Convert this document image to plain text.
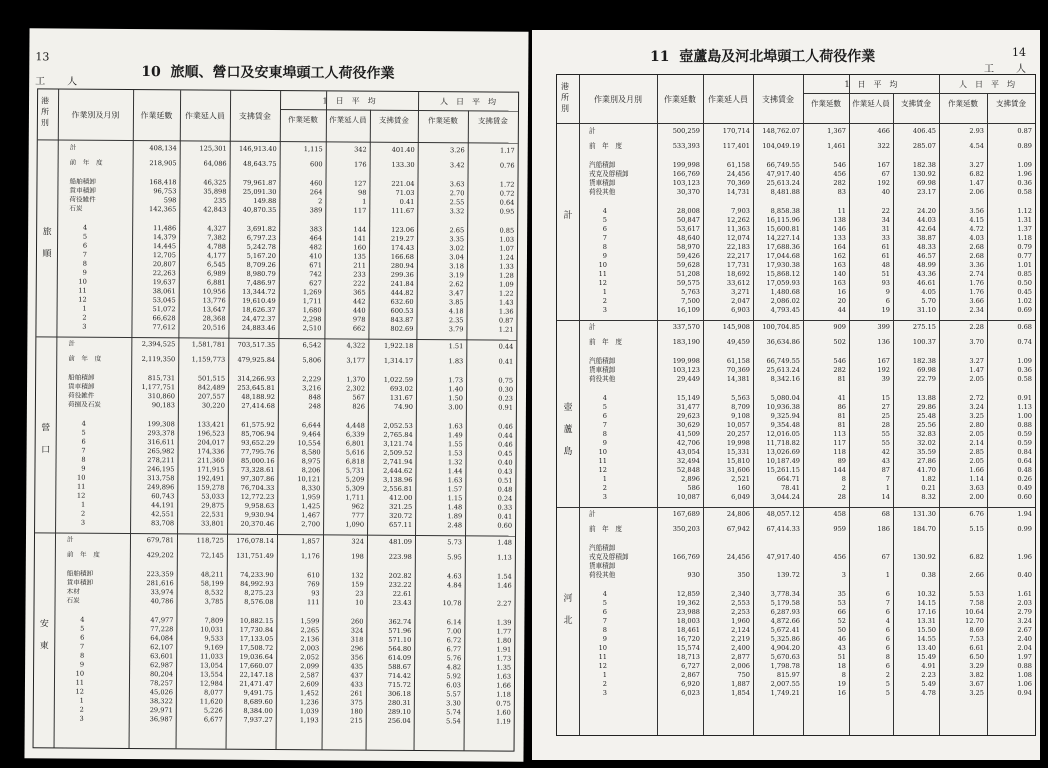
13
工　人
10 旅順、營口及安東埠頭工人荷役作業
港所別
作業別及月別	作業延數	作業延人員	支拂賃金
1　日　平　均	人　日　平　均
作業延數	作業延人員	支拂賃金	作業延數	支拂賃金
計	408,134	125,301 146,913.40	1,115	342	401.40	3.26	1.17
前　年　度	218,905	64,086 48,643.75	600	176	133.30	3.42	0.76
船舶積卸	168,418	46,325 79,961.87	460	127	221.04	3.63	1.72
貨車積卸	96,753	35,898 25,091.30	264	98	71.03	2.70	0.72
荷役雑件	598	235	149.88	2	1	0.41	2.55	0.64
石炭	142,365	42,843 40,870.35	389	117	111.67	3.32	0.95
4	11,486	4,327	3,691.82	383	144	123.06	2.65	0.85
5	14,379	7,382	6,797.23	464	141	219.27	3.35	1.03
6	14,445	4,788	5,242.78	482	160	174.43	3.02	1.07
7	12,705	4,177	5,167.20	410	135	166.68	3.04	1.24
8	20,807	6,545	8,709.26	671	211	280.94	3.18	1.33
9	22,263	6,989	8,980.79	742	233	299.36	3.19	1.28
10	19,637	6,881	7,486.97	627	222	241.84	2.62	1.09
11	38,061	10,956 13,344.72	1,269	365	444.82	3.47	1.22
12	53,045	13,776 19,610.49	1,711	442	632.60	3.85	1.43
1	51,072	13,647 18,626.37	1,680	440	600.53	4.18	1.36
2	66,628	28,368 24,472.37	2,298	978	843.87	2.35	0.87
3	77,612	20,516 24,883.46	2,510	662	802.69	3.79	1.21
旅　順
計	2,394,525 1,581,781 703,517.35	6,542	4,322	1,922.18	1.51	0.44
前　年　度	2,119,350 1,159,773 479,925.84	5,806	3,177	1,314.17	1.83	0.41
船舶積卸	815,731	501,515 314,266.93	2,229	1,370	1,022.59	1.73	0.75
貨車積卸	1,177,751	842,489 253,645.81	3,216	2,302	693.02	1.40	0.30
荷役雑件	310,860	207,557 48,188.92	848	567	131.67	1.50	0.23
荷捌及石炭	90,183	30,220 27,414.68	248	826	74.90	3.00	0.91
4	199,308	133,421 61,575.92	6,644	4,448	2,052.53	1.63	0.46
5	293,378	196,523 85,706.94	9,464	6,339	2,765.84	1.49	0.44
6	316,611	204,017 93,652.29	10,554	6,801	3,121.74	1.55	0.46
7	265,982	174,336 77,795.76	8,580	5,616	2,509.52	1.53	0.45
8	278,211	211,360 85,000.16	8,975	6,818	2,741.94	1.32	0.40
9	246,195	171,915 73,328.61	8,206	5,731	2,444.62	1.44	0.43
10	313,758	192,491 97,307.86	10,121	5,209	3,138.96	1.63	0.51
11	249,896	159,278 76,704.33	8,330	5,309	2,556.81	1.57	0.48
12	60,743	53,033 12,772.23	1,959	1,711	412.00	1.15	0.24
1	44,191	29,875	9,958.63	1,425	962	321.25	1.48	0.33
2	42,551	22,531	9,930.94	1,467	777	320.72	1.89	0.41
3	83,708	33,801 20,370.46	2,700	1,090	657.11	2.48	0.60
營　口
計	679,781	118,725 176,078.14	1,857	324	481.09	5.73	1.48
前　年　度	429,202	72,145 131,751.49	1,176	198	223.98	5.95	1.13
船舶積卸	223,359	48,211 74,233.90	610	132	202.82	4.63	1.54
貨車積卸	281,616	58,199 84,992.93	769	159	232.22	4.84	1.46
木材	33,974	8,532	8,275.23	93	23	22.61
石炭	40,786	3,785	8,576.08	111	10	23.43	10.78	2.27
4	47,977	7,809 10,882.15	1,599	260	362.74	6.14	1.39
5	77,228	10,031 17,730.84	2,265	324	571.96	7.00	1.77
6	64,084	9,533 17,133.05	2,136	318	571.10	6.72	1.80
7	62,107	9,169 17,508.72	2,003	296	564.80	6.77	1.91
8	63,601	11,033 19,036.64	2,052	356	614.09	5.76	1.73
9	62,987	13,054 17,660.07	2,099	435	588.67	4.82	1.35
10	80,204	13,554 22,147.18	2,587	437	714.42	5.92	1.63
11	78,257	12,984 21,471.47	2,609	433	715.72	6.03	1.66
12	45,026	8,077	9,491.75	1,452	261	306.18	5.57	1.18
1	38,322	11,620	8,689.60	1,236	375	280.31	3.30	0.75
2	29,971	5,226	8,384.00	1,039	180	289.10	5.74	1.60
3	36,987	6,677	7,937.27	1,193	215	256.04	5.54	1.19
安　東
14
工　人
11 壺蘆島及河北埠頭工人荷役作業
港所別
作業別及月別	作業延數	作業延人員	支拂賃金
1　日　平　均	人　日　平　均
作業延數	作業延人員	支拂賃金	作業延數	支拂賃金
計	500,259	170,714 148,762.07	1,367	466	406.45	2.93	0.87
前　年　度	533,393	117,401 104,049.19	1,461	322	285.07	4.54	0.89
汽船積卸	199,998	61,158 66,749.55	546	167	182.38	3.27	1.09
戎克及艀積卸	166,769	24,456 47,917.40	456	67	130.92	6.82	1.96
貨車積卸	103,123	70,369 25,613.24	282	192	69.98	1.47	0.36
荷役其他	30,370	14,731	8,481.88	83	40	23.17	2.06	0.58
4	28,008	7,903	8,858.38	11	22	24.20	3.56	1.12
5	50,847	12,262 16,115.96	138	34	44.03	4.15	1.31
6	53,617	11,363 15,600.81	146	31	42.64	4.72	1.37
7	48,640	12,074 14,227.14	133	33	38.87	4.03	1.18
8	58,970	22,183 17,688.36	164	61	48.33	2.68	0.79
9	59,426	22,217 17,044.68	162	61	46.57	2.68	0.77
10	59,628	17,731 17,930.38	163	48	48.99	3.36	1.01
11	51,208	18,692 15,868.12	140	51	43.36	2.74	0.85
12	59,575	33,612 17,059.93	163	93	46.61	1.76	0.50
1	5,763	3,271	1,480.68	16	9	4.05	1.76	0.45
2	7,500	2,047	2,086.02	20	6	5.70	3.66	1.02
3	16,109	6,903	4,793.45	44	19	31.10	2.34	0.69
計
計	337,570	145,908 100,704.85	909	399	275.15	2.28	0.68
前　年　度	183,190	49,459 36,634.86	502	136	100.37	3.70	0.74
汽船積卸	199,998	61,158 66,749.55	546	167	182.38	3.27	1.09
貨車積卸	103,123	70,369 25,613.24	282	192	69.98	1.47	0.36
荷役其他	29,449	14,381	8,342.16	81	39	22.79	2.05	0.58
4	15,149	5,563	5,080.04	41	15	13.88	2.72	0.91
5	31,477	8,709 10,936.38	86	27	29.86	3.24	1.13
6	29,623	9,108	9,325.94	81	25	25.48	3.25	1.00
7	30,629	10,057	9,354.48	81	28	25.56	2.80	0.88
8	41,509	20,257 12,016.05	113	55	32.83	2.05	0.59
9	42,706	19,998 11,718.82	117	55	32.02	2.14	0.59
10	43,054	15,331 13,026.69	118	42	35.59	2.85	0.84
11	32,494	15,810 10,187.49	89	43	27.86	2.05	0.64
12	52,848	31,606 15,261.15	144	87	41.70	1.66	0.48
1	2,896	2,521	664.71	8	7	1.82	1.14	0.26
2	586	160	78.41	2	1	0.21	3.63	0.49
3	10,087	6,049	3,044.24	28	14	8.32	2.00	0.60
壺　蘆　島
計	167,689	24,806 48,057.12	458	68	131.30	6.76	1.94
前　年　度	350,203	67,942 67,414.33	959	186	184.70	5.15	0.99
汽船積卸
戎克及艀積卸	166,769	24,456 47,917.40	456	67	130.92	6.82	1.96
貨車積卸
荷役其他	930	350	139.72	3	1	0.38	2.66	0.40
4	12,859	2,340	3,778.34	35	6	10.32	5.53	1.61
5	19,362	2,553	5,179.58	53	7	14.15	7.58	2.03
6	23,988	2,253	6,287.93	66	6	17.16	10.64	2.79
7	18,003	1,960	4,872.66	52	4	13.31	12.70	3.24
8	18,461	2,124	5,672.41	50	6	15.50	8.69	2.67
9	16,720	2,219	5,325.86	46	6	14.55	7.53	2.40
10	15,574	2,400	4,904.20	43	6	13.40	6.61	2.04
11	18,713	2,877	5,670.63	51	8	15.49	6.50	1.97
12	6,727	2,006	1,798.78	18	6	4.91	3.29	0.88
1	2,867	750	815.97	8	2	2.23	3.82	1.08
2	6,920	1,887	2,007.55	19	5	5.49	3.67	1.06
3	6,023	1,854	1,749.21	16	5	4.78	3.25	0.94
河　北
